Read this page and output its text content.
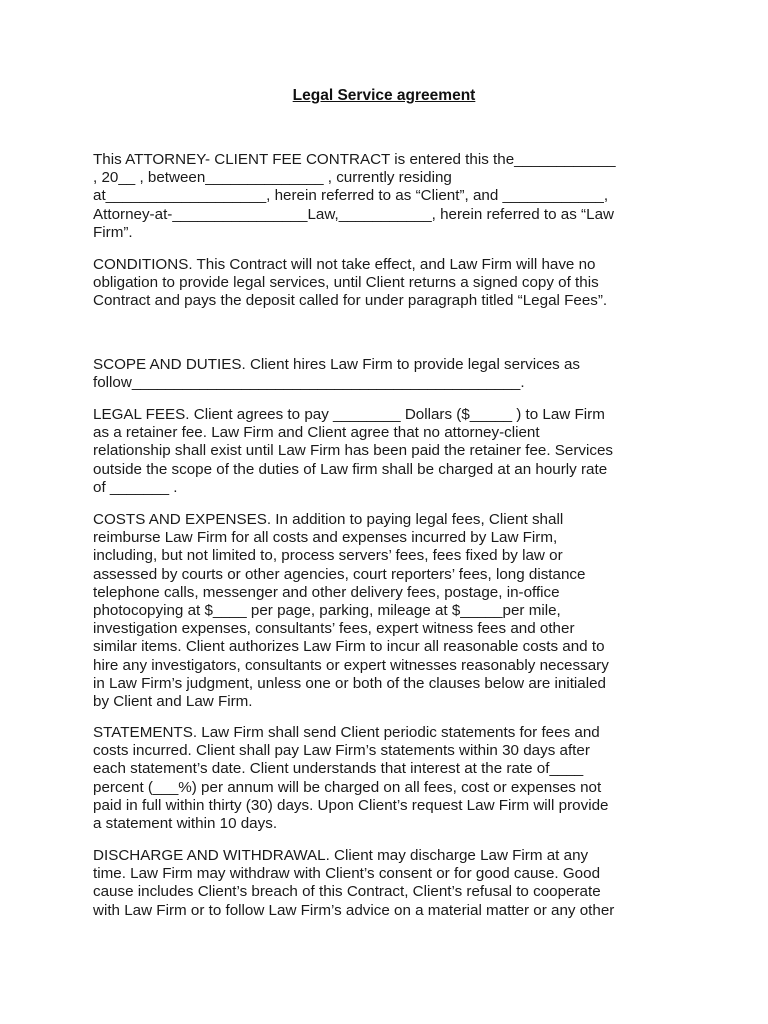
Legal Service agreement
This ATTORNEY- CLIENT FEE CONTRACT is entered this the____________
, 20__ , between______________ , currently residing
at___________________, herein referred to as “Client”, and ____________,
Attorney-at-________________Law,___________, herein referred to as “Law
Firm”.
CONDITIONS. This Contract will not take effect, and Law Firm will have no
obligation to provide legal services, until Client returns a signed copy of this
Contract and pays the deposit called for under paragraph titled “Legal Fees”.
SCOPE AND DUTIES. Client hires Law Firm to provide legal services as
follow______________________________________________.
LEGAL FEES. Client agrees to pay ________ Dollars ($_____ ) to Law Firm
as a retainer fee. Law Firm and Client agree that no attorney-client
relationship shall exist until Law Firm has been paid the retainer fee. Services
outside the scope of the duties of Law firm shall be charged at an hourly rate
of _______ .
COSTS AND EXPENSES. In addition to paying legal fees, Client shall
reimburse Law Firm for all costs and expenses incurred by Law Firm,
including, but not limited to, process servers’ fees, fees fixed by law or
assessed by courts or other agencies, court reporters’ fees, long distance
telephone calls, messenger and other delivery fees, postage, in-office
photocopying at $____ per page, parking, mileage at $_____per mile,
investigation expenses, consultants’ fees, expert witness fees and other
similar items. Client authorizes Law Firm to incur all reasonable costs and to
hire any investigators, consultants or expert witnesses reasonably necessary
in Law Firm’s judgment, unless one or both of the clauses below are initialed
by Client and Law Firm.
STATEMENTS. Law Firm shall send Client periodic statements for fees and
costs incurred. Client shall pay Law Firm’s statements within 30 days after
each statement’s date. Client understands that interest at the rate of____
percent (___%) per annum will be charged on all fees, cost or expenses not
paid in full within thirty (30) days. Upon Client’s request Law Firm will provide
a statement within 10 days.
DISCHARGE AND WITHDRAWAL. Client may discharge Law Firm at any
time. Law Firm may withdraw with Client’s consent or for good cause. Good
cause includes Client’s breach of this Contract, Client’s refusal to cooperate
with Law Firm or to follow Law Firm’s advice on a material matter or any other
